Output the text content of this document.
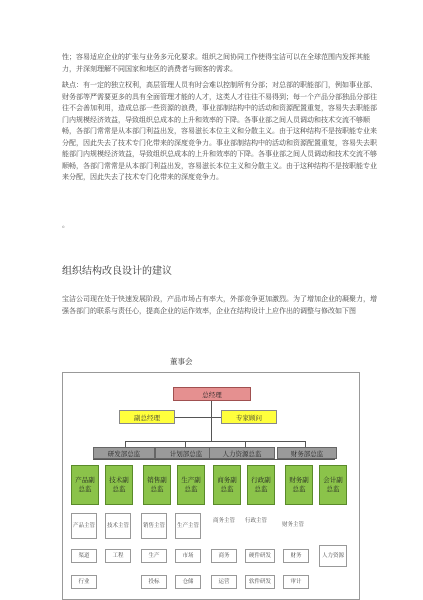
性；容易适应企业的扩张与业务多元化要求。组织之间协同工作使得宝洁可以在全球范围内发挥其能力，并深刻理解不同国家和地区的消费者与顾客的需求。
缺点：有一定的独立权利，高层管理人员有时会难以控制所有分部；对总部的职能部门，例如事业部、财务部等严需要更多的具有全面管理才能的人才，这类人才往往不易得到；每一个产品分部独品分部往往不会善加利用，造成总部一些资源的浪费，事业部制结构中的活动和资源配置重复，容易失去职能部门内规模经济效益，导致组织总成本的上升和效率的下降。各事业部之间人员调动和技术交流不够顺畅，各部门常常是从本部门利益出发，容易滋长本位主义和分散主义。由于这种结构不是按职能专业来分配，因此失去了技术专门化带来的深度竞争力。事业部制结构中的活动和资源配置重复，容易失去职能部门内规模经济效益，导致组织总成本的上升和效率的下降。各事业部之间人员调动和技术交流不够顺畅，各部门常常是从本部门利益出发，容易滋长本位主义和分散主义。由于这种结构不是按职能专业来分配，因此失去了技术专门化带来的深度竞争力。
。
组织结构改良设计的建议
宝洁公司现在处于快速发展阶段，产品市场占有率大，外部竞争更加激烈。为了增加企业的凝聚力，增强各部门的联系与责任心，提高企业的运作效率，企业在结构设计上应作出的调整与修改如下图
董事会
总经理
副总经理	专家顾问
研发部总监	计划部总监	人力资源总监	财务部总监
产品副总监
技术副总监
销售副总监
生产副总监
商务副总监
行政副总监
财务副总监
会计副总监
产品主管 技术主管	销售主管 生产主管
商务主管	行政主管
财务主管
渠道	工程	生产	市场	商务	硬件研发	财务	人力资源
行业	投标	仓储	运营	软件研发	审计
